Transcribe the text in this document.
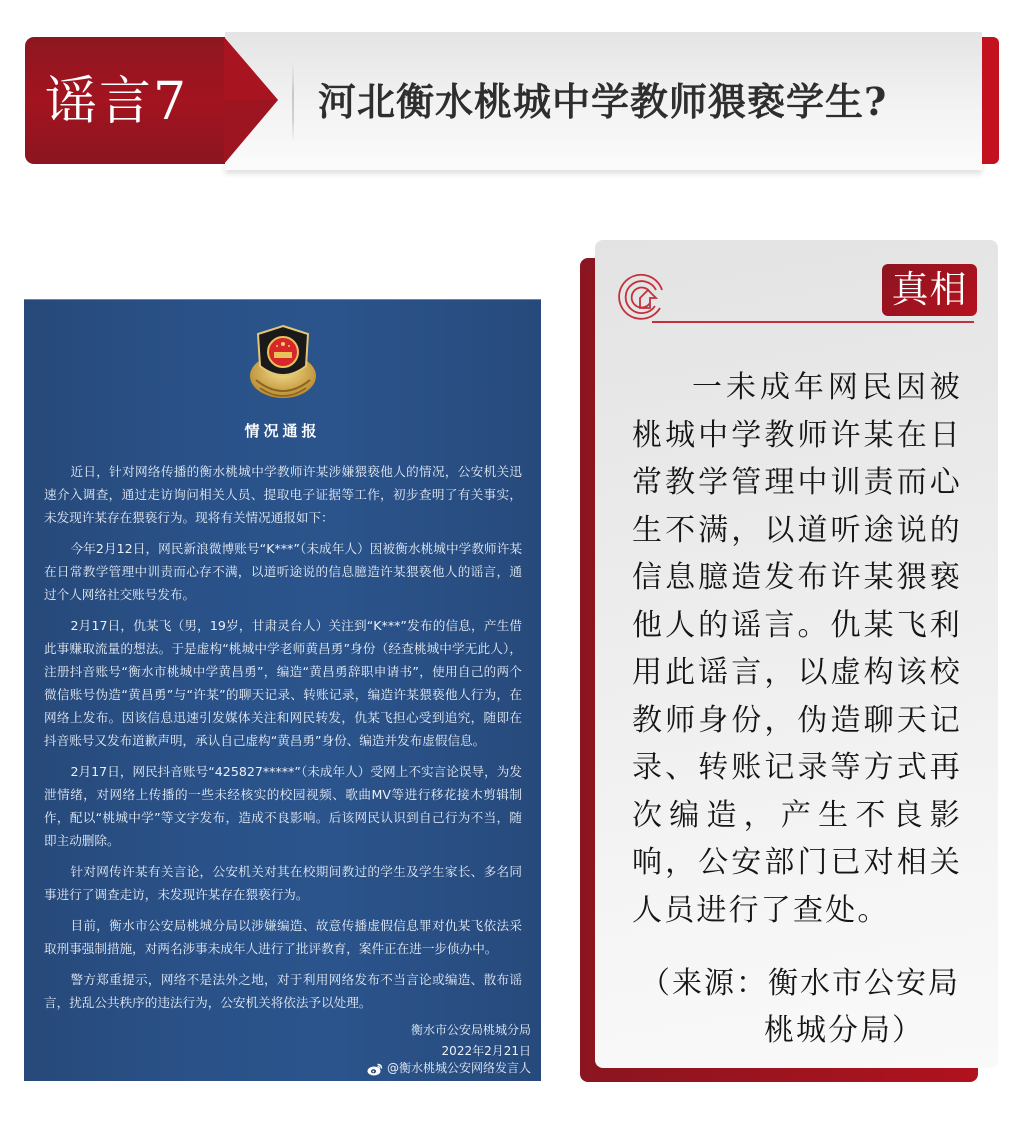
谣言7	河北衡水桃城中学教师猥亵学生?
情况通报

近日，针对网络传播的衡水桃城中学教师许某涉嫌猥亵他人的情况，公安机关迅速介入调查，通过走访询问相关人员、提取电子证据等工作，初步查明了有关事实，未发现许某存在猥亵行为。现将有关情况通报如下：

今年2月12日，网民新浪微博账号“K***”（未成年人）因被衡水桃城中学教师许某在日常教学管理中训责而心存不满，以道听途说的信息臆造许某猥亵他人的谣言，通过个人网络社交账号发布。

2月17日，仇某飞（男，19岁，甘肃灵台人）关注到“K***”发布的信息，产生借此事赚取流量的想法。于是虚构“桃城中学老师黄昌勇”身份（经查桃城中学无此人），注册抖音账号“衡水市桃城中学黄昌勇”，编造“黄昌勇辞职申请书”，使用自己的两个微信账号伪造“黄昌勇”与“许某”的聊天记录、转账记录，编造许某猥亵他人行为，在网络上发布。因该信息迅速引发媒体关注和网民转发，仇某飞担心受到追究，随即在抖音账号又发布道歉声明，承认自己虚构“黄昌勇”身份、编造并发布虚假信息。

2月17日，网民抖音账号“425827*****”（未成年人）受网上不实言论误导，为发泄情绪，对网络上传播的一些未经核实的校园视频、歌曲MV等进行移花接木剪辑制作，配以“桃城中学”等文字发布，造成不良影响。后该网民认识到自己行为不当，随即主动删除。

针对网传许某有关言论，公安机关对其在校期间教过的学生及学生家长、多名同事进行了调查走访，未发现许某存在猥亵行为。

目前，衡水市公安局桃城分局以涉嫌编造、故意传播虚假信息罪对仇某飞依法采取刑事强制措施，对两名涉事未成年人进行了批评教育，案件正在进一步侦办中。

警方郑重提示，网络不是法外之地，对于利用网络发布不当言论或编造、散布谣言，扰乱公共秩序的违法行为，公安机关将依法予以处理。

衡水市公安局桃城分局
2022年2月21日
@衡水桃城公安网络发言人
真相

一未成年网民因被桃城中学教师许某在日常教学管理中训责而心生不满，以道听途说的信息臆造发布许某猥亵他人的谣言。仇某飞利用此谣言，以虚构该校教师身份，伪造聊天记录、转账记录等方式再次编造，产生不良影响，公安部门已对相关人员进行了查处。

（来源：衡水市公安局
桃城分局）
